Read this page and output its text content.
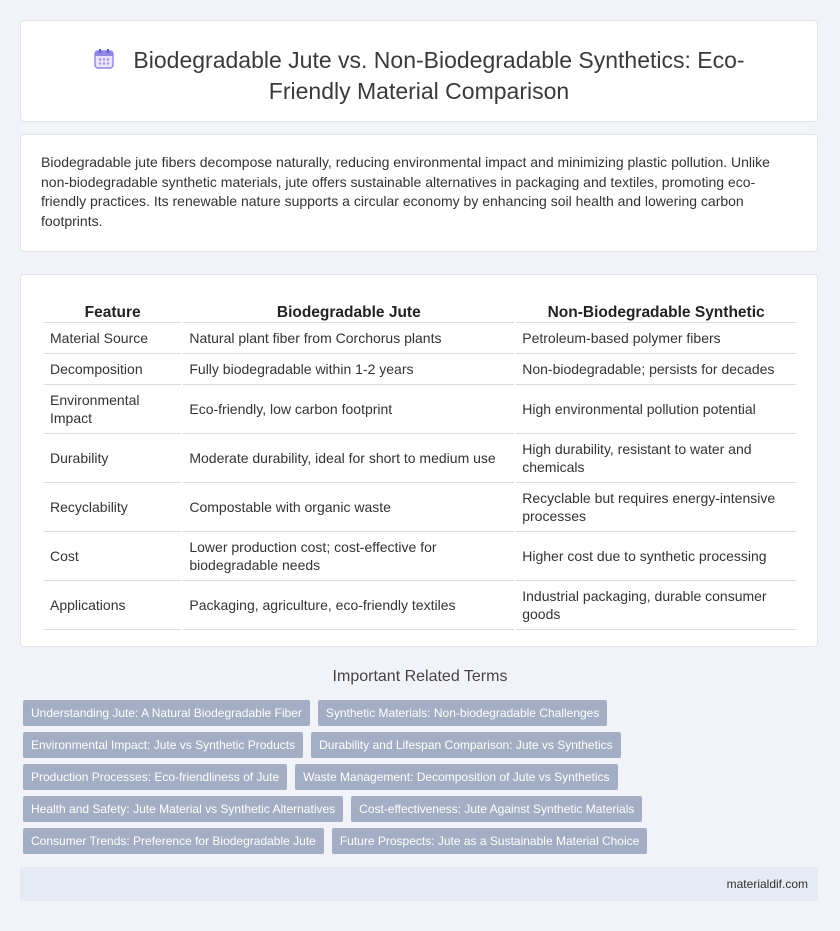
Biodegradable Jute vs. Non-Biodegradable Synthetics: Eco-Friendly Material Comparison
Biodegradable jute fibers decompose naturally, reducing environmental impact and minimizing plastic pollution. Unlike non-biodegradable synthetic materials, jute offers sustainable alternatives in packaging and textiles, promoting eco-friendly practices. Its renewable nature supports a circular economy by enhancing soil health and lowering carbon footprints.
Feature	Biodegradable Jute	Non-Biodegradable Synthetic
Material Source	Natural plant fiber from Corchorus plants	Petroleum-based polymer fibers
Decomposition	Fully biodegradable within 1-2 years	Non-biodegradable; persists for decades
Environmental Impact	Eco-friendly, low carbon footprint	High environmental pollution potential
Durability	Moderate durability, ideal for short to medium use	High durability, resistant to water and chemicals
Recyclability	Compostable with organic waste	Recyclable but requires energy-intensive processes
Cost	Lower production cost; cost-effective for biodegradable needs	Higher cost due to synthetic processing
Applications	Packaging, agriculture, eco-friendly textiles	Industrial packaging, durable consumer goods
Important Related Terms
Understanding Jute: A Natural Biodegradable Fiber	Synthetic Materials: Non-biodegradable Challenges
Environmental Impact: Jute vs Synthetic Products	Durability and Lifespan Comparison: Jute vs Synthetics
Production Processes: Eco-friendliness of Jute	Waste Management: Decomposition of Jute vs Synthetics
Health and Safety: Jute Material vs Synthetic Alternatives	Cost-effectiveness: Jute Against Synthetic Materials
Consumer Trends: Preference for Biodegradable Jute	Future Prospects: Jute as a Sustainable Material Choice
materialdif.com
